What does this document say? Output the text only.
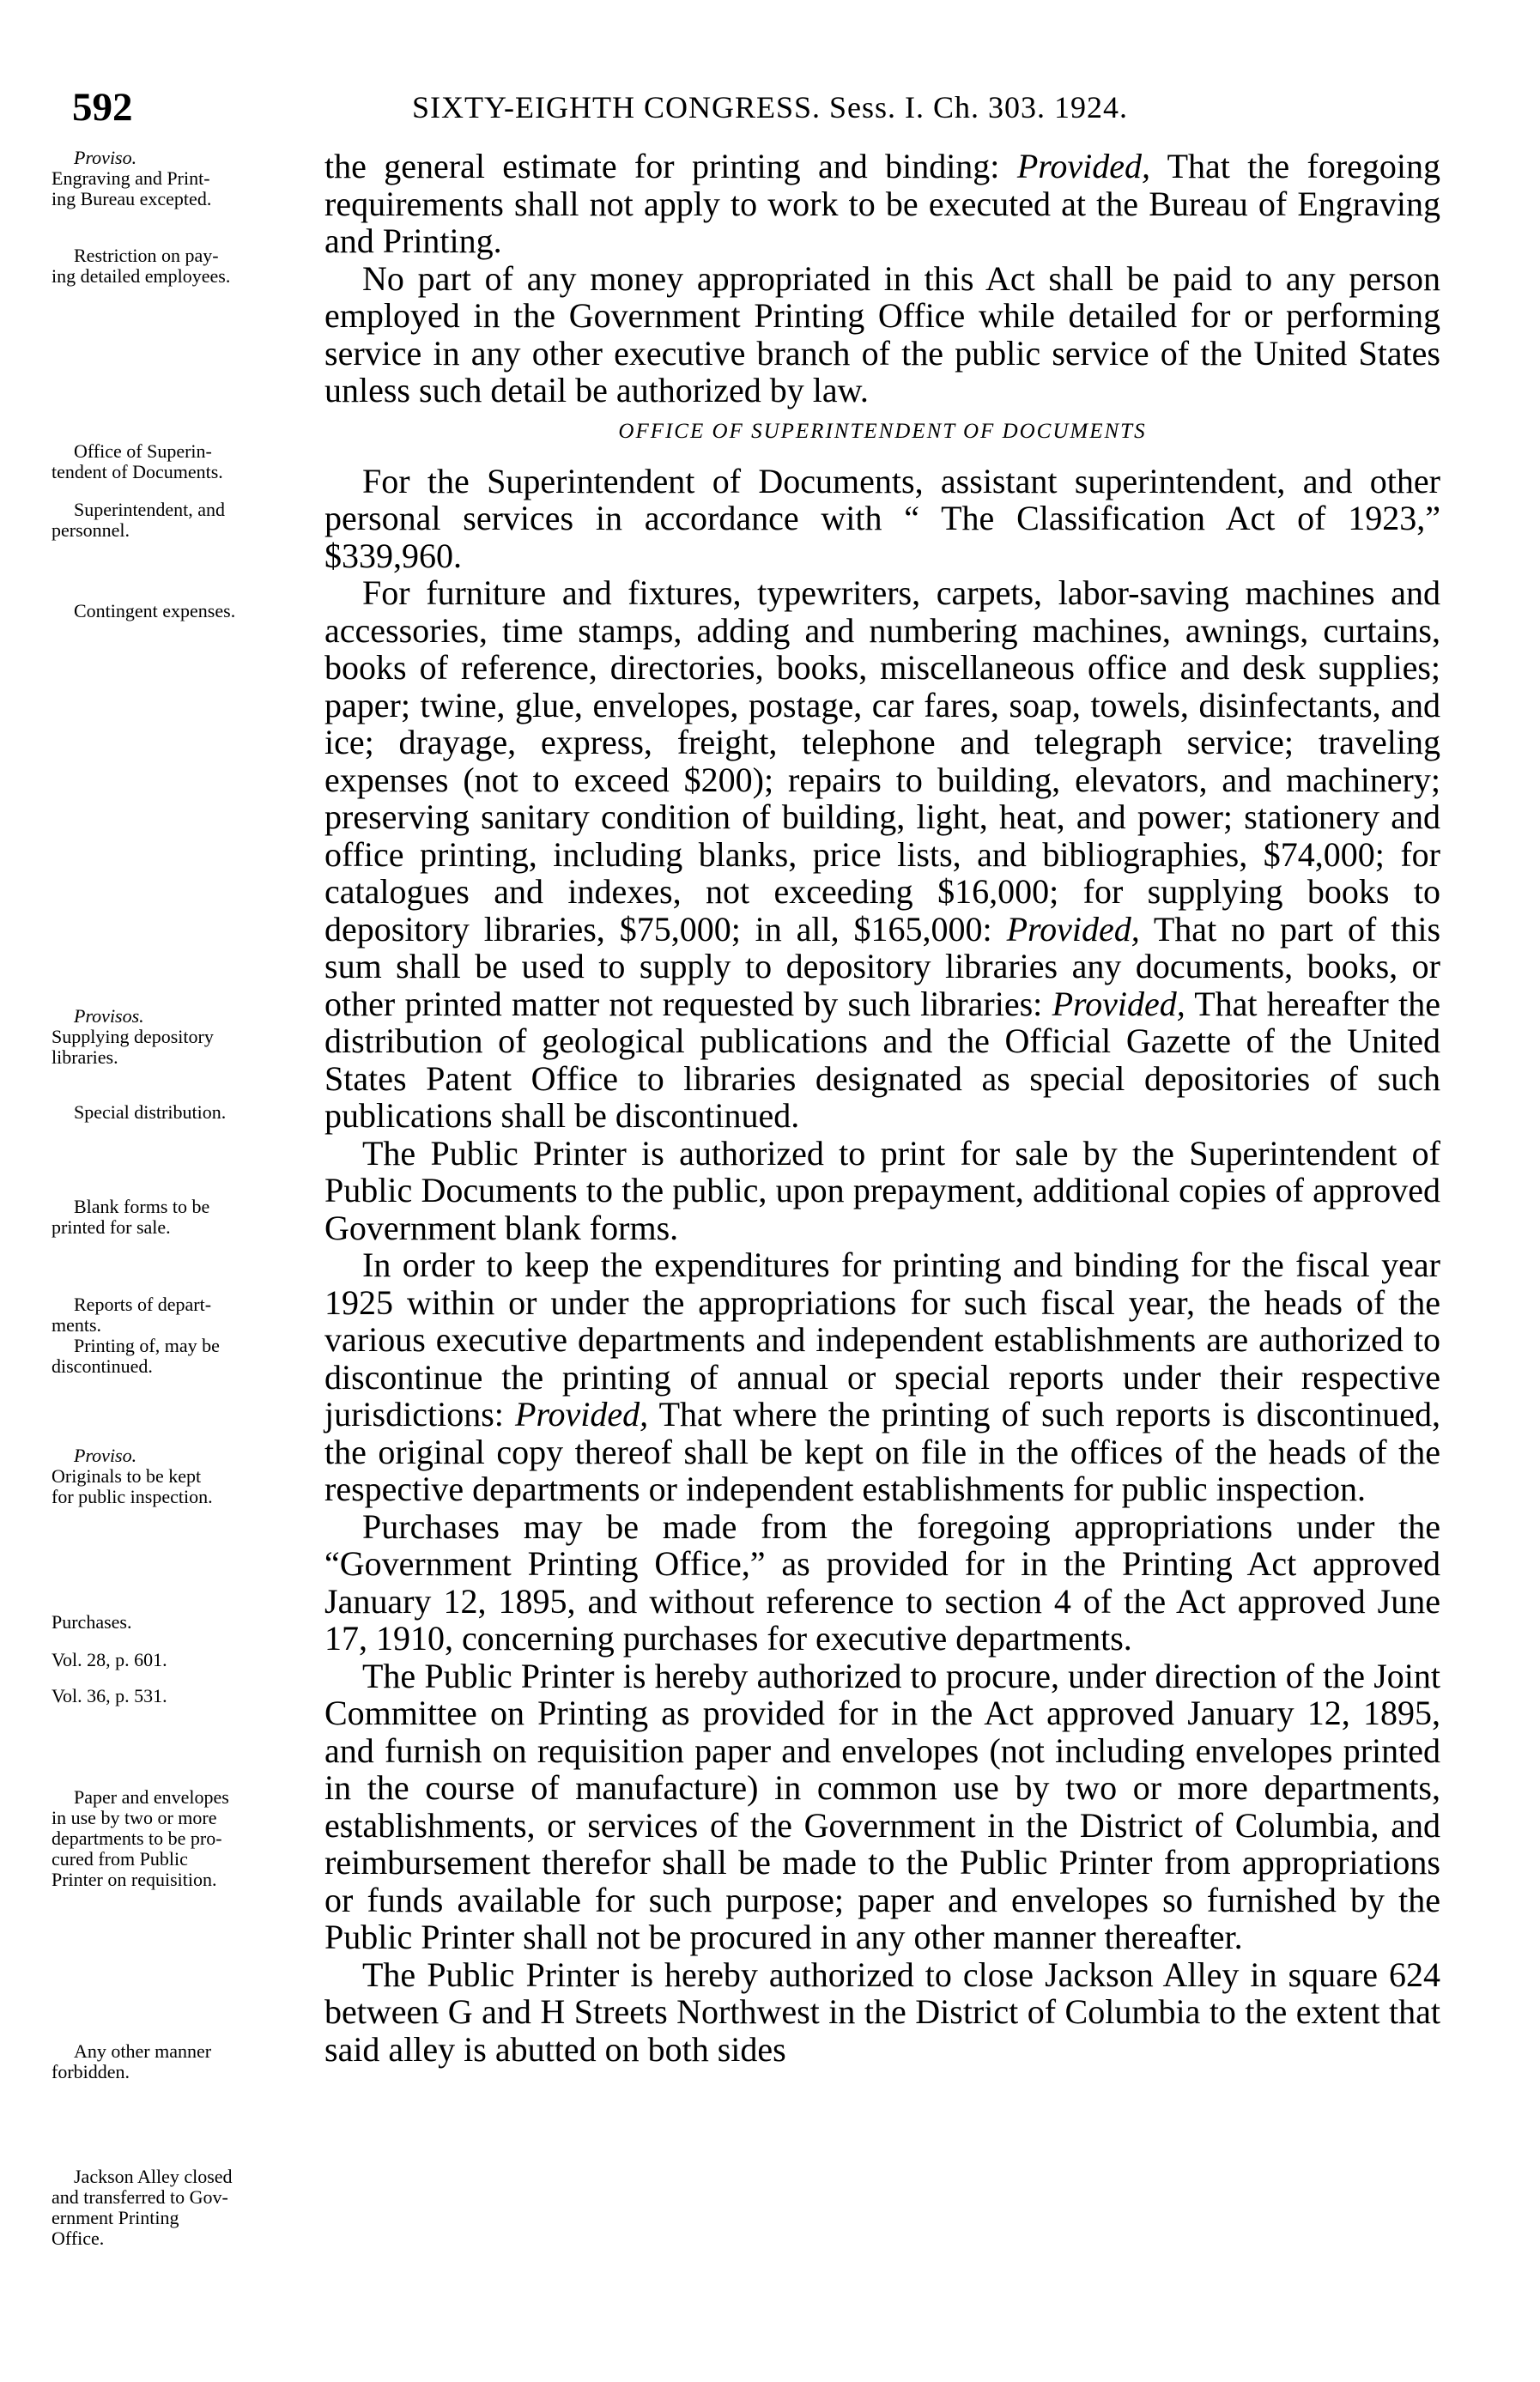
592	SIXTY-EIGHTH CONGRESS. Sess. I. Ch. 303. 1924.
Proviso.
Engraving and Print-
ing Bureau excepted.
Restriction on pay-
ing detailed employees.
Office of Superin-
tendent of Documents.
Superintendent, and
personnel.
Contingent expenses.
Provisos.
Supplying depository
libraries.
Special distribution.
Blank forms to be
printed for sale.
Reports of depart-
ments.
Printing of, may be
discontinued.
Proviso.
Originals to be kept
for public inspection.
Purchases.
Vol. 28, p. 601.
Vol. 36, p. 531.
Paper and envelopes
in use by two or more
departments to be pro-
cured from Public
Printer on requisition.
Any other manner
forbidden.
Jackson Alley closed
and transferred to Gov-
ernment Printing
Office.

the general estimate for printing and binding: Provided, That the foregoing requirements shall not apply to work to be executed at the Bureau of Engraving and Printing.

No part of any money appropriated in this Act shall be paid to any person employed in the Government Printing Office while detailed for or performing service in any other executive branch of the public service of the United States unless such detail be authorized by law.

OFFICE OF SUPERINTENDENT OF DOCUMENTS

For the Superintendent of Documents, assistant superintendent, and other personal services in accordance with “ The Classification Act of 1923,” $339,960.

For furniture and fixtures, typewriters, carpets, labor-saving machines and accessories, time stamps, adding and numbering machines, awnings, curtains, books of reference, directories, books, miscellaneous office and desk supplies; paper; twine, glue, envelopes, postage, car fares, soap, towels, disinfectants, and ice; drayage, express, freight, telephone and telegraph service; traveling expenses (not to exceed $200); repairs to building, elevators, and machinery; preserving sanitary condition of building, light, heat, and power; stationery and office printing, including blanks, price lists, and bibliographies, $74,000; for catalogues and indexes, not exceeding $16,000; for supplying books to depository libraries, $75,000; in all, $165,000: Provided, That no part of this sum shall be used to supply to depository libraries any documents, books, or other printed matter not requested by such libraries: Provided, That hereafter the distribution of geological publications and the Official Gazette of the United States Patent Office to libraries designated as special depositories of such publications shall be discontinued.

The Public Printer is authorized to print for sale by the Superintendent of Public Documents to the public, upon prepayment, additional copies of approved Government blank forms.

In order to keep the expenditures for printing and binding for the fiscal year 1925 within or under the appropriations for such fiscal year, the heads of the various executive departments and independent establishments are authorized to discontinue the printing of annual or special reports under their respective jurisdictions: Provided, That where the printing of such reports is discontinued, the original copy thereof shall be kept on file in the offices of the heads of the respective departments or independent establishments for public inspection.

Purchases may be made from the foregoing appropriations under the “Government Printing Office,” as provided for in the Printing Act approved January 12, 1895, and without reference to section 4 of the Act approved June 17, 1910, concerning purchases for executive departments.

The Public Printer is hereby authorized to procure, under direction of the Joint Committee on Printing as provided for in the Act approved January 12, 1895, and furnish on requisition paper and envelopes (not including envelopes printed in the course of manufacture) in common use by two or more departments, establishments, or services of the Government in the District of Columbia, and reimbursement therefor shall be made to the Public Printer from appropriations or funds available for such purpose; paper and envelopes so furnished by the Public Printer shall not be procured in any other manner thereafter.

The Public Printer is hereby authorized to close Jackson Alley in square 624 between G and H Streets Northwest in the District of Columbia to the extent that said alley is abutted on both sides
